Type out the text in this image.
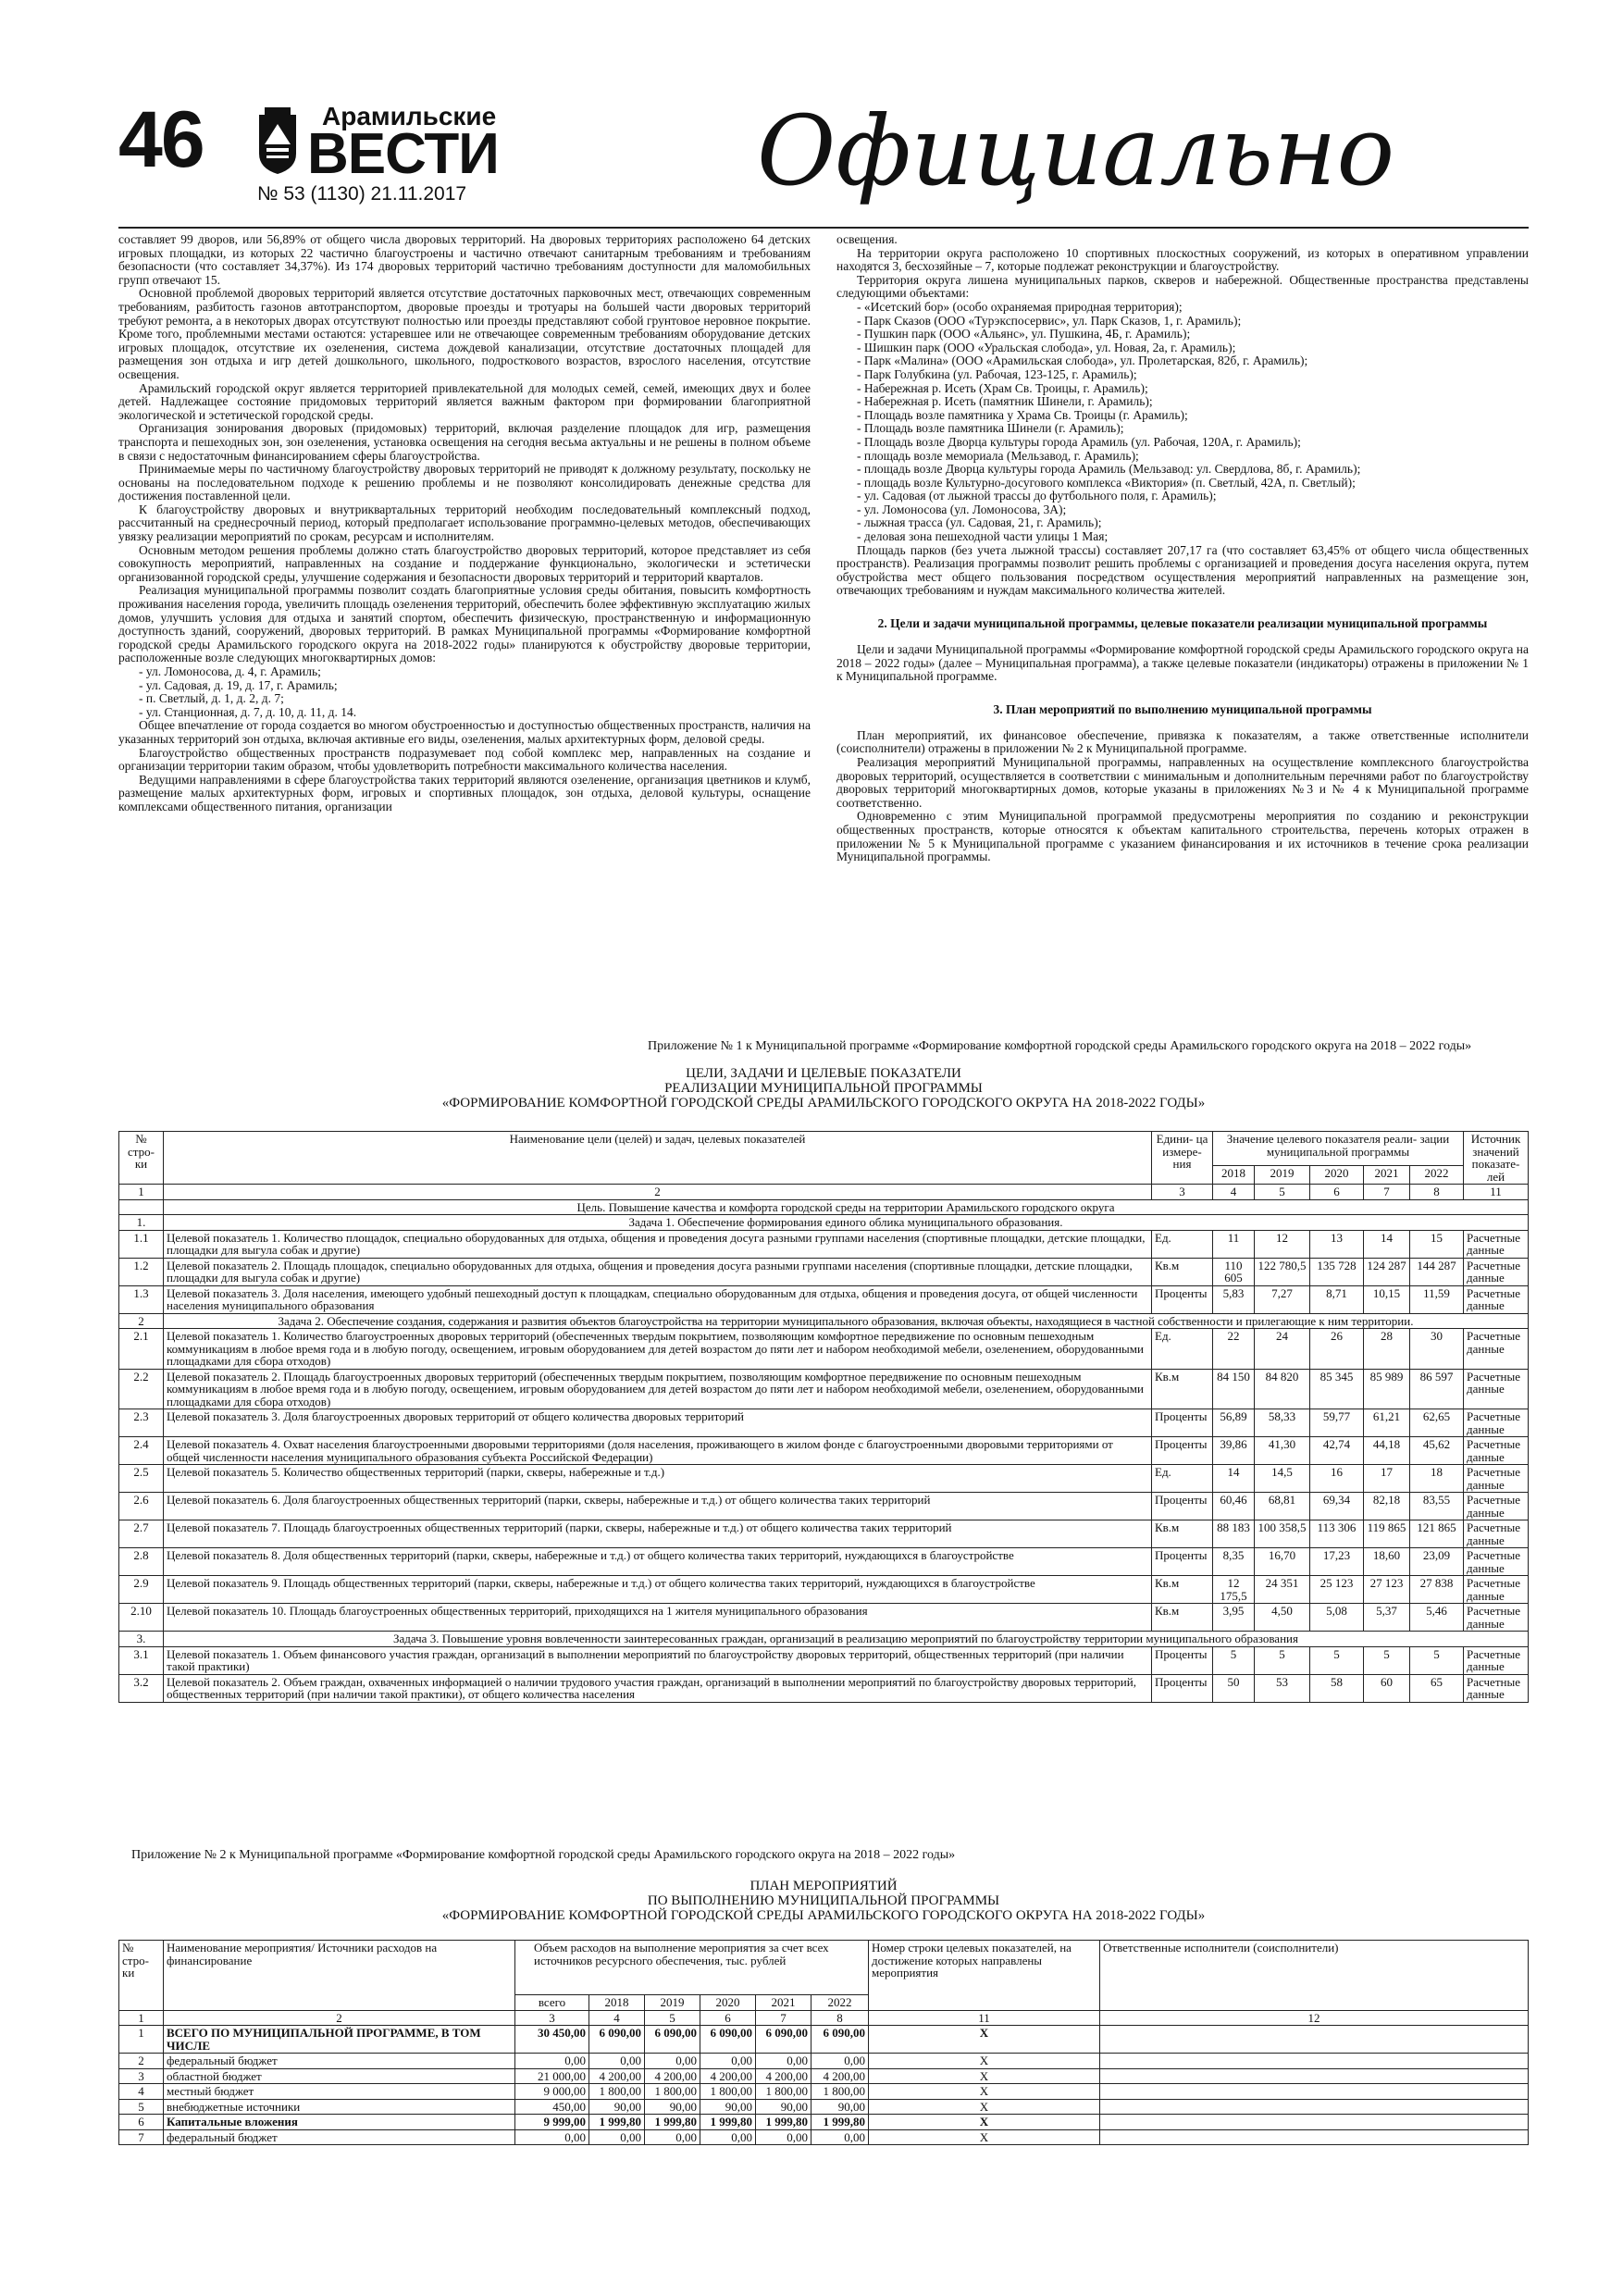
46	Арамильские
ВЕСТИ
№ 53 (1130) 21.11.2017	Официально

составляет 99 дворов, или 56,89% от общего числа дворовых территорий. На дворовых территориях расположено 64 детских игровых площадки, из которых 22 частично благоустроены и частично отвечают санитарным требованиям и требованиям безопасности (что составляет 34,37%). Из 174 дворовых территорий частично требованиям доступности для маломобильных групп отвечают 15.

Основной проблемой дворовых территорий является отсутствие достаточных парковочных мест, отвечающих современным требованиям, разбитость газонов автотранспортом, дворовые проезды и тротуары на большей части дворовых территорий требуют ремонта, а в некоторых дворах отсутствуют полностью или проезды представляют собой грунтовое неровное покрытие. Кроме того, проблемными местами остаются: устаревшее или не отвечающее современным требованиям оборудование детских игровых площадок, отсутствие их озеленения, система дождевой канализации, отсутствие достаточных площадей для размещения зон отдыха и игр детей дошкольного, школьного, подросткового возрастов, взрослого населения, отсутствие освещения.

Арамильский городской округ является территорией привлекательной для молодых семей, семей, имеющих двух и более детей. Надлежащее состояние придомовых территорий является важным фактором при формировании благоприятной экологической и эстетической городской среды.

Организация зонирования дворовых (придомовых) территорий, включая разделение площадок для игр, размещения транспорта и пешеходных зон, зон озеленения, установка освещения на сегодня весьма актуальны и не решены в полном объеме в связи с недостаточным финансированием сферы благоустройства.

Принимаемые меры по частичному благоустройству дворовых территорий не приводят к должному результату, поскольку не основаны на последовательном подходе к решению проблемы и не позволяют консолидировать денежные средства для достижения поставленной цели.

К благоустройству дворовых и внутриквартальных территорий необходим последовательный комплексный подход, рассчитанный на среднесрочный период, который предполагает использование программно-целевых методов, обеспечивающих увязку реализации мероприятий по срокам, ресурсам и исполнителям.

Основным методом решения проблемы должно стать благоустройство дворовых территорий, которое представляет из себя совокупность мероприятий, направленных на создание и поддержание функционально, экологически и эстетически организованной городской среды, улучшение содержания и безопасности дворовых территорий и территорий кварталов.

Реализация муниципальной программы позволит создать благоприятные условия среды обитания, повысить комфортность проживания населения города, увеличить площадь озеленения территорий, обеспечить более эффективную эксплуатацию жилых домов, улучшить условия для отдыха и занятий спортом, обеспечить физическую, пространственную и информационную доступность зданий, сооружений, дворовых территорий. В рамках Муниципальной программы «Формирование комфортной городской среды Арамильского городского округа на 2018-2022 годы» планируются к обустройству дворовые территории, расположенные возле следующих многоквартирных домов:

- ул. Ломоносова, д. 4, г. Арамиль;

- ул. Садовая, д. 19, д. 17, г. Арамиль;

- п. Светлый, д. 1, д. 2, д. 7;

- ул. Станционная, д. 7, д. 10, д. 11, д. 14.

Общее впечатление от города создается во многом обустроенностью и доступностью общественных пространств, наличия на указанных территорий зон отдыха, включая активные его виды, озеленения, малых архитектурных форм, деловой среды.

Благоустройство общественных пространств подразумевает под собой комплекс мер, направленных на создание и организации территории таким образом, чтобы удовлетворить потребности максимального количества населения.

Ведущими направлениями в сфере благоустройства таких территорий являются озеленение, организация цветников и клумб, размещение малых архитектурных форм, игровых и спортивных площадок, зон отдыха, деловой культуры, оснащение комплексами общественного питания, организации

освещения.

На территории округа расположено 10 спортивных плоскостных сооружений, из которых в оперативном управлении находятся 3, бесхозяйные – 7, которые подлежат реконструкции и благоустройству.

Территория округа лишена муниципальных парков, скверов и набережной. Общественные пространства представлены следующими объектами:

- «Исетский бор» (особо охраняемая природная территория);

- Парк Сказов (ООО «Турэкспосервис», ул. Парк Сказов, 1, г. Арамиль);

- Пушкин парк (ООО «Альянс», ул. Пушкина, 4Б, г. Арамиль);

- Шишкин парк (ООО «Уральская слобода», ул. Новая, 2а, г. Арамиль);

- Парк «Малина» (ООО «Арамильская слобода», ул. Пролетарская, 82б, г. Арамиль);

- Парк Голубкина (ул. Рабочая, 123-125, г. Арамиль);

- Набережная р. Исеть (Храм Св. Троицы, г. Арамиль);

- Набережная р. Исеть (памятник Шинели, г. Арамиль);

- Площадь возле памятника у Храма Св. Троицы (г. Арамиль);

- Площадь возле памятника Шинели (г. Арамиль);

- Площадь возле Дворца культуры города Арамиль (ул. Рабочая, 120А, г. Арамиль);

- площадь возле мемориала (Мельзавод, г. Арамиль);

- площадь возле Дворца культуры города Арамиль (Мельзавод: ул. Свердлова, 8б, г. Арамиль);

- площадь возле Культурно-досугового комплекса «Виктория» (п. Светлый, 42А, п. Светлый);

- ул. Садовая (от лыжной трассы до футбольного поля, г. Арамиль);

- ул. Ломоносова (ул. Ломоносова, 3А);

- лыжная трасса (ул. Садовая, 21, г. Арамиль);

- деловая зона пешеходной части улицы 1 Мая;

Площадь парков (без учета лыжной трассы) составляет 207,17 га (что составляет 63,45% от общего числа общественных пространств). Реализация программы позволит решить проблемы с организацией и проведения досуга населения округа, путем обустройства мест общего пользования посредством осуществления мероприятий направленных на размещение зон, отвечающих требованиям и нуждам максимального количества жителей.

2. Цели и задачи муниципальной программы, целевые показатели реализации муниципальной программы

Цели и задачи Муниципальной программы «Формирование комфортной городской среды Арамильского городского округа на 2018 – 2022 годы» (далее – Муниципальная программа), а также целевые показатели (индикаторы) отражены в приложении № 1 к Муниципальной программе.

3. План мероприятий по выполнению муниципальной программы

План мероприятий, их финансовое обеспечение, привязка к показателям, а также ответственные исполнители (соисполнители) отражены в приложении № 2 к Муниципальной программе.

Реализация мероприятий Муниципальной программы, направленных на осуществление комплексного благоустройства дворовых территорий, осуществляется в соответствии с минимальным и дополнительным перечнями работ по благоустройству дворовых территорий многоквартирных домов, которые указаны в приложениях №3 и № 4 к Муниципальной программе соответственно.

Одновременно с этим Муниципальной программой предусмотрены мероприятия по созданию и реконструкции общественных пространств, которые относятся к объектам капитального строительства, перечень которых отражен в приложении № 5 к Муниципальной программе с указанием финансирования и их источников в течение срока реализации Муниципальной программы.

Приложение № 1 к Муниципальной программе «Формирование комфортной городской среды Арамильского городского округа на 2018 – 2022 годы»
ЦЕЛИ, ЗАДАЧИ И ЦЕЛЕВЫЕ ПОКАЗАТЕЛИ
РЕАЛИЗАЦИИ МУНИЦИПАЛЬНОЙ ПРОГРАММЫ
«ФОРМИРОВАНИЕ КОМФОРТНОЙ ГОРОДСКОЙ СРЕДЫ АРАМИЛЬСКОГО ГОРОДСКОГО ОКРУГА НА 2018-2022 ГОДЫ»
№ стро- ки	Наименование цели (целей) и задач, целевых показателей	Едини- ца измере- ния	Значение целевого показателя реали- зации муниципальной программы					Источник значений показате- лей
			2018	2019	2020	2021	2022	
1	2	3	4	5	6	7	8	11
	Цель. Повышение качества и комфорта городской среды на территории Арамильского городского округа							
1.	Задача 1. Обеспечение формирования единого облика муниципального образования.							
1.1	Целевой показатель 1. Количество площадок, специально оборудованных для отдыха, общения и проведения досуга разными группами населения (спортивные площадки, детские площадки, площадки для выгула собак и другие)	Ед.	11	12	13	14	15	Расчетные данные
1.2	Целевой показатель 2. Площадь площадок, специально оборудованных для отдыха, общения и проведения досуга разными группами населения (спортивные площадки, детские площадки, площадки для выгула собак и другие)	Кв.м	110 605	122 780,5	135 728	124 287	144 287	Расчетные данные
1.3	Целевой показатель 3. Доля населения, имеющего удобный пешеходный доступ к площадкам, специально оборудованным для отдыха, общения и проведения досуга, от общей численности населения муниципального образования	Проценты	5,83	7,27	8,71	10,15	11,59	Расчетные данные
2	Задача 2. Обеспечение создания, содержания и развития объектов благоустройства на территории муниципального образования, включая объекты, находящиеся в частной собственности и прилегающие к ним территории.							
2.1	Целевой показатель 1. Количество благоустроенных дворовых территорий (обеспеченных твердым покрытием, позволяющим комфортное передвижение по основным пешеходным коммуникациям в любое время года и в любую погоду, освещением, игровым оборудованием для детей возрастом до пяти лет и набором необходимой мебели, озеленением, оборудованными площадками для сбора отходов)	Ед.	22	24	26	28	30	Расчетные данные
2.2	Целевой показатель 2. Площадь благоустроенных дворовых территорий (обеспеченных твердым покрытием, позволяющим комфортное передвижение по основным пешеходным коммуникациям в любое время года и в любую погоду, освещением, игровым оборудованием для детей возрастом до пяти лет и набором необходимой мебели, озеленением, оборудованными площадками для сбора отходов)	Кв.м	84 150	84 820	85 345	85 989	86 597	Расчетные данные
2.3	Целевой показатель 3. Доля благоустроенных дворовых территорий от общего количества дворовых территорий	Проценты	56,89	58,33	59,77	61,21	62,65	Расчетные данные
2.4	Целевой показатель 4. Охват населения благоустроенными дворовыми территориями (доля населения, проживающего в жилом фонде с благоустроенными дворовыми территориями от общей численности населения муниципального образования субъекта Российской Федерации)	Проценты	39,86	41,30	42,74	44,18	45,62	Расчетные данные
2.5	Целевой показатель 5. Количество общественных территорий (парки, скверы, набережные и т.д.)	Ед.	14	14,5	16	17	18	Расчетные данные
2.6	Целевой показатель 6. Доля благоустроенных общественных территорий (парки, скверы, набережные и т.д.) от общего количества таких территорий	Проценты	60,46	68,81	69,34	82,18	83,55	Расчетные данные
2.7	Целевой показатель 7. Площадь благоустроенных общественных территорий (парки, скверы, набережные и т.д.) от общего количества таких территорий	Кв.м	88 183	100 358,5	113 306	119 865	121 865	Расчетные данные
2.8	Целевой показатель 8. Доля общественных территорий (парки, скверы, набережные и т.д.) от общего количества таких территорий, нуждающихся в благоустройстве	Проценты	8,35	16,70	17,23	18,60	23,09	Расчетные данные
2.9	Целевой показатель 9. Площадь общественных территорий (парки, скверы, набережные и т.д.) от общего количества таких территорий, нуждающихся в благоустройстве	Кв.м	12 175,5	24 351	25 123	27 123	27 838	Расчетные данные
2.10	Целевой показатель 10. Площадь благоустроенных общественных территорий, приходящихся на 1 жителя муниципального образования	Кв.м	3,95	4,50	5,08	5,37	5,46	Расчетные данные
3.	Задача 3. Повышение уровня вовлеченности заинтересованных граждан, организаций в реализацию мероприятий по благоустройству территории муниципального образования							
3.1	Целевой показатель 1. Объем финансового участия граждан, организаций в выполнении мероприятий по благоустройству дворовых территорий, общественных территорий (при наличии такой практики)	Проценты	5	5	5	5	5	Расчетные данные
3.2	Целевой показатель 2. Объем граждан, охваченных информацией о наличии трудового участия граждан, организаций в выполнении мероприятий по благоустройству дворовых территорий, общественных территорий (при наличии такой практики), от общего количества населения	Проценты	50	53	58	60	65	Расчетные данные
Приложение № 2 к Муниципальной программе «Формирование комфортной городской среды Арамильского городского округа на 2018 – 2022 годы»
ПЛАН МЕРОПРИЯТИЙ
ПО ВЫПОЛНЕНИЮ МУНИЦИПАЛЬНОЙ ПРОГРАММЫ
«ФОРМИРОВАНИЕ КОМФОРТНОЙ ГОРОДСКОЙ СРЕДЫ АРАМИЛЬСКОГО ГОРОДСКОГО ОКРУГА НА 2018-2022 ГОДЫ»
№ стро- ки	Наименование мероприятия/ Источники расходов на финансирование	Объем расходов на выполнение мероприятия за счет всех источников ресурсного обеспечения, тыс. рублей						Номер строки целевых показателей, на достижение которых направлены мероприятия	Ответственные исполнители (соисполнители)
		всего	2018	2019	2020	2021	2022		
1	2	3	4	5	6	7	8	11	12
1	ВСЕГО ПО МУНИЦИПАЛЬНОЙ ПРОГРАММЕ, В ТОМ ЧИСЛЕ	30 450,00	6 090,00	6 090,00	6 090,00	6 090,00	6 090,00	X	
2	федеральный бюджет	0,00	0,00	0,00	0,00	0,00	0,00	X	
3	областной бюджет	21 000,00	4 200,00	4 200,00	4 200,00	4 200,00	4 200,00	X	
4	местный бюджет	9 000,00	1 800,00	1 800,00	1 800,00	1 800,00	1 800,00	X	
5	внебюджетные источники	450,00	90,00	90,00	90,00	90,00	90,00	X	
6	Капитальные вложения	9 999,00	1 999,80	1 999,80	1 999,80	1 999,80	1 999,80	X	
7	федеральный бюджет	0,00	0,00	0,00	0,00	0,00	0,00	X	
